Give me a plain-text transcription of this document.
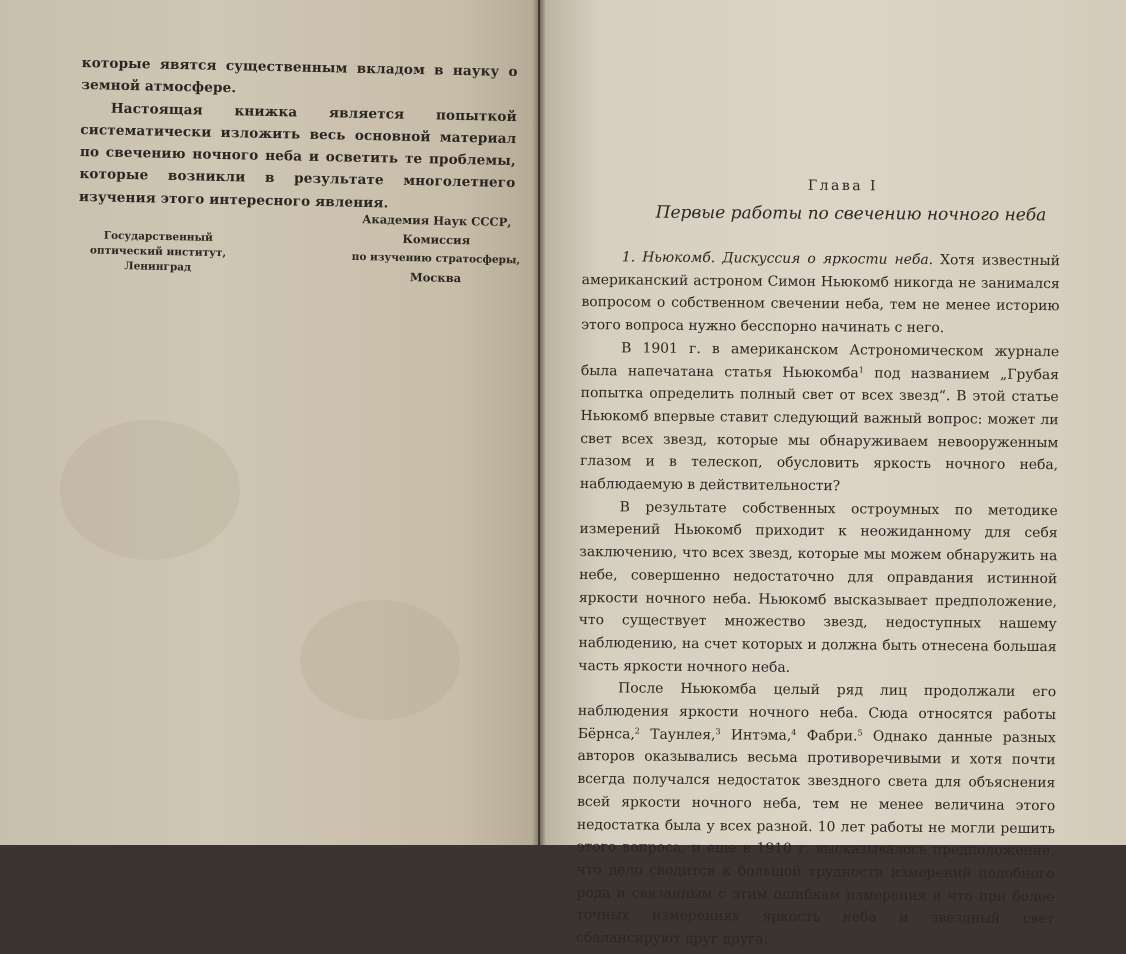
которые явятся существенным вкладом в науку о земной атмосфере.

Настоящая книжка является попыткой систематически изложить весь основной материал по свечению ночного неба и осветить те проблемы, которые возникли в результате многолетнего изучения этого интересного явления.

Государственный
оптический институт,
Ленинград
Академия Наук СССР,
Комиссия
по изучению стратосферы,
Москва
Глава I
Первые работы по свечению ночного неба

1. Ньюкомб. Дискуссия о яркости неба. Хотя известный американский астроном Симон Ньюкомб никогда не занимался вопросом о собственном свечении неба, тем не менее историю этого вопроса нужно бесспорно начинать с него.

В 1901 г. в американском Астрономическом журнале была напечатана статья Ньюкомба$^1$ под названием „Грубая попытка определить полный свет от всех звезд“. В этой статье Ньюкомб впервые ставит следующий важный вопрос: может ли свет всех звезд, которые мы обнаруживаем невооруженным глазом и в телескоп, обусловить яркость ночного неба, наблюдаемую в действительности?

В результате собственных остроумных по методике измерений Ньюкомб приходит к неожиданному для себя заключению, что всех звезд, которые мы можем обнаружить на небе, совершенно недостаточно для оправдания истинной яркости ночного неба. Ньюкомб высказывает предположение, что существует множество звезд, недоступных нашему наблюдению, на счет которых и должна быть отнесена большая часть яркости ночного неба.

После Ньюкомба целый ряд лиц продолжали его наблюдения яркости ночного неба. Сюда относятся работы Бёрнса,$^2$ Таунлея,$^3$ Интэма,$^4$ Фабри.$^5$ Однако данные разных авторов оказывались весьма противоречивыми и хотя почти всегда получался недостаток звездного света для объяснения всей яркости ночного неба, тем не менее величина этого недостатка была у всех разной. 10 лет работы не могли решить этого вопроса, и еще в 1910 г. высказывалось предположение, что дело сводится к большой трудности измерений подобного рода и связанным с этим ошибкам измерения и что при более точных измерениях яркость неба и звездный свет сбалансируют друг друга.
